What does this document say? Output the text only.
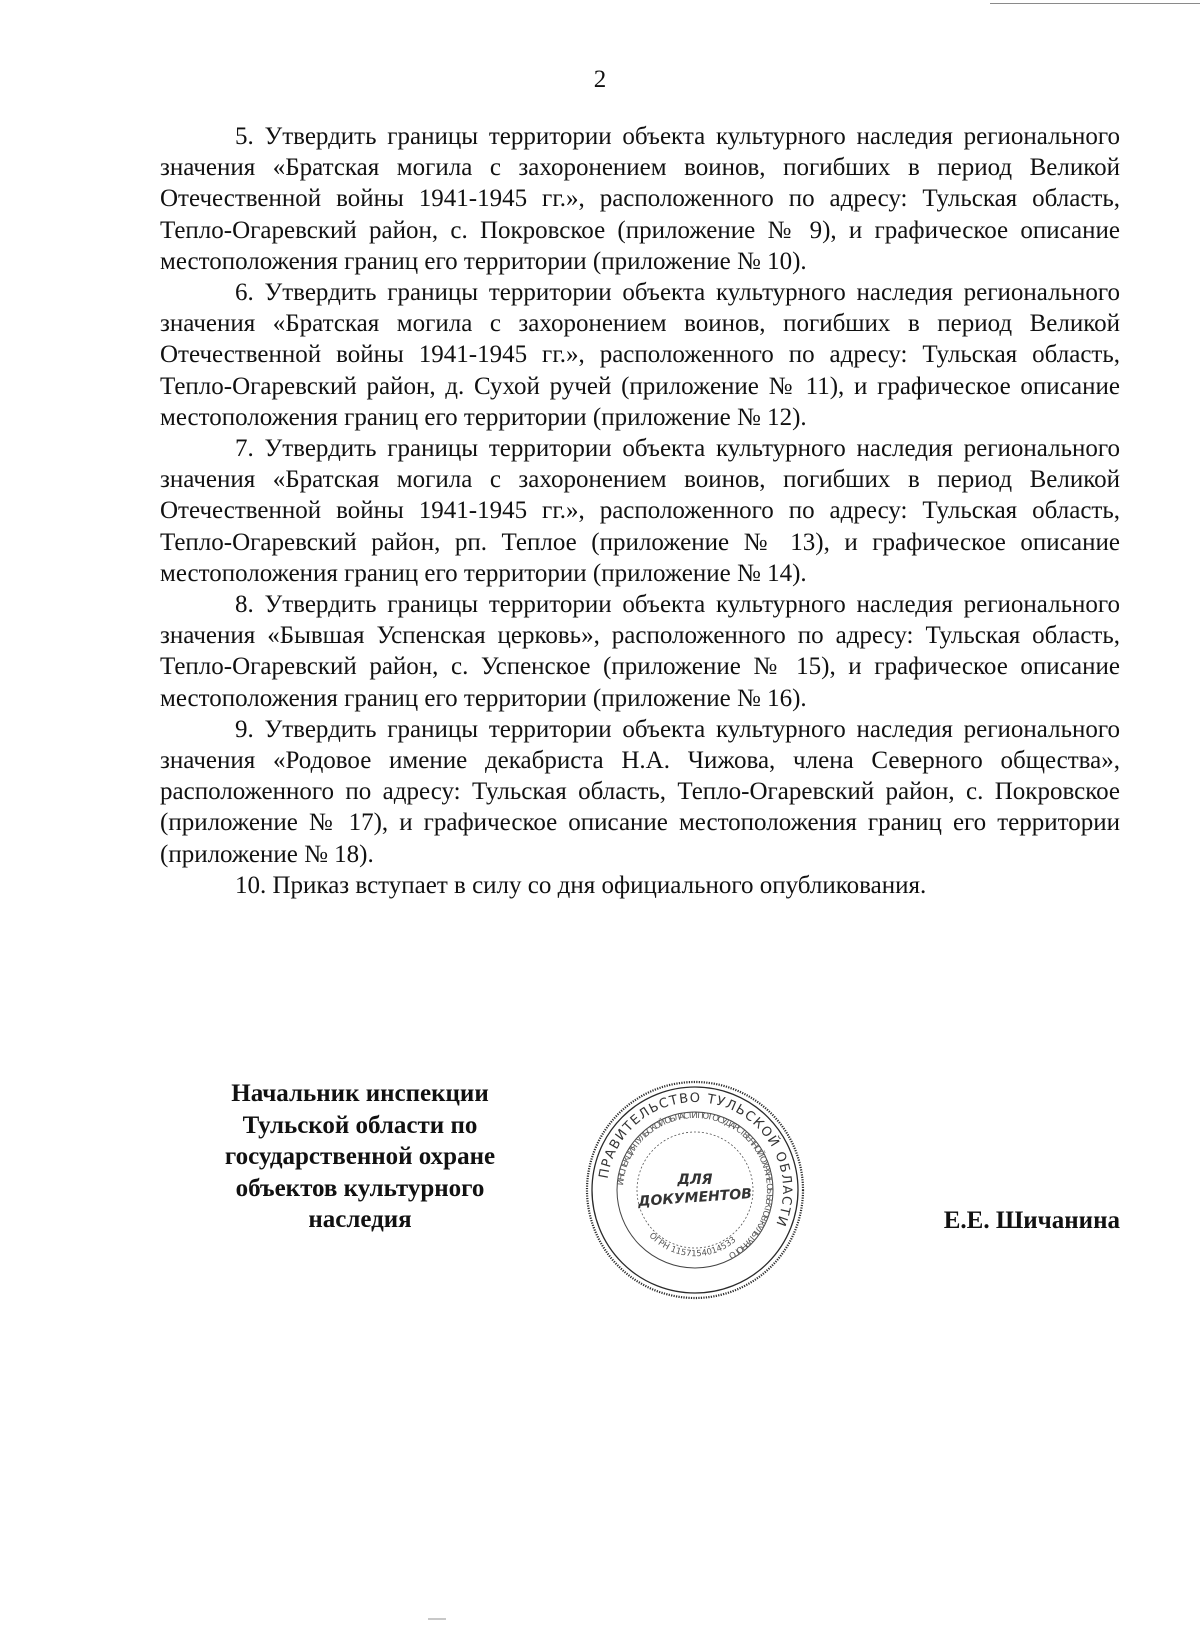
2

5. Утвердить границы территории объекта культурного наследия регионального значения «Братская могила с захоронением воинов, погибших в период Великой Отечественной войны 1941-1945 гг.», расположенного по адресу: Тульская область, Тепло-Огаревский район, с. Покровское (приложение № 9), и графическое описание местоположения границ его территории (приложение № 10).

6. Утвердить границы территории объекта культурного наследия регионального значения «Братская могила с захоронением воинов, погибших в период Великой Отечественной войны 1941-1945 гг.», расположенного по адресу: Тульская область, Тепло-Огаревский район, д. Сухой ручей (приложение № 11), и графическое описание местоположения границ его территории (приложение № 12).

7. Утвердить границы территории объекта культурного наследия регионального значения «Братская могила с захоронением воинов, погибших в период Великой Отечественной войны 1941-1945 гг.», расположенного по адресу: Тульская область, Тепло-Огаревский район, рп. Теплое (приложение № 13), и графическое описание местоположения границ его территории (приложение № 14).

8. Утвердить границы территории объекта культурного наследия регионального значения «Бывшая Успенская церковь», расположенного по адресу: Тульская область, Тепло-Огаревский район, с. Успенское (приложение № 15), и графическое описание местоположения границ его территории (приложение № 16).

9. Утвердить границы территории объекта культурного наследия регионального значения «Родовое имение декабриста Н.А. Чижова, члена Северного общества», расположенного по адресу: Тульская область, Тепло-Огаревский район, с. Покровское (приложение № 17), и графическое описание местоположения границ его территории (приложение № 18).

10. Приказ вступает в силу со дня официального опубликования.

Начальник инспекции
Тульской области по
государственной охране
объектов культурного
наследия
ПРАВИТЕЛЬСТВО ТУЛЬСКОЙ ОБЛАСТИ
ИНСПЕКЦИЯ ТУЛЬСКОЙ ОБЛАСТИ ПО ГОСУДАРСТВЕННОЙ ОХРАНЕ ОБЪЕКТОВ КУЛЬТУРНОГО
ОГРН 1157154014533
ДЛЯ
ДОКУМЕНТОВ
Е.Е. Шичанина
